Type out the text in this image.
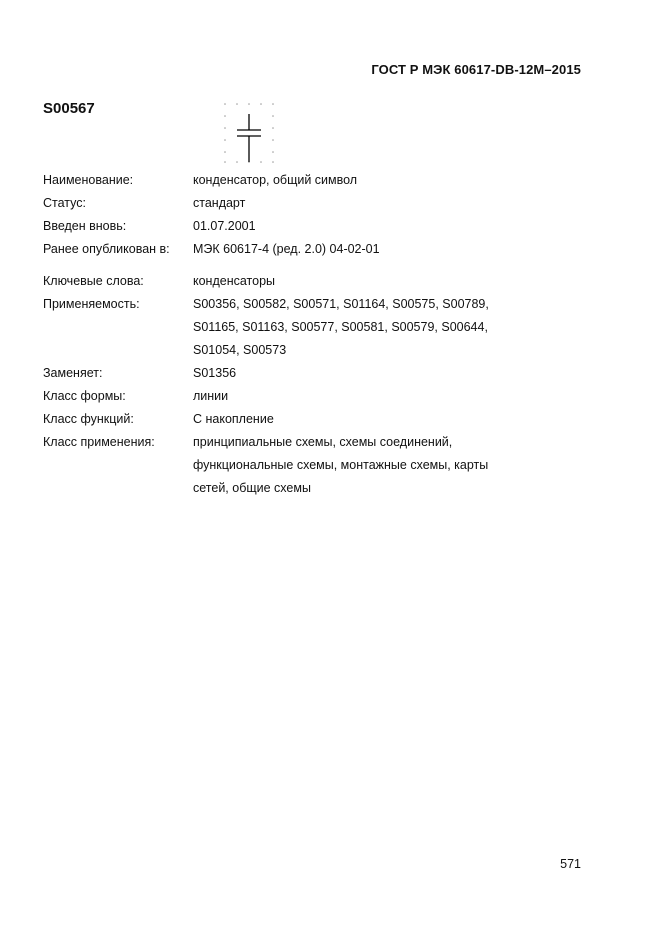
ГОСТ Р МЭК 60617-DB-12M–2015
S00567
Наименование:	конденсатор, общий символ
Статус:	стандарт
Введен вновь:	01.07.2001
Ранее опубликован в:	МЭК 60617-4 (ред. 2.0) 04-02-01
Ключевые слова:	конденсаторы
Применяемость:	S00356, S00582, S00571, S01164, S00575, S00789,
S01165, S01163, S00577, S00581, S00579, S00644,
S01054, S00573
Заменяет:	S01356
Класс формы:	линии
Класс функций:	С накопление
Класс применения:	принципиальные схемы, схемы соединений,
функциональные схемы, монтажные схемы, карты
сетей, общие схемы
571
